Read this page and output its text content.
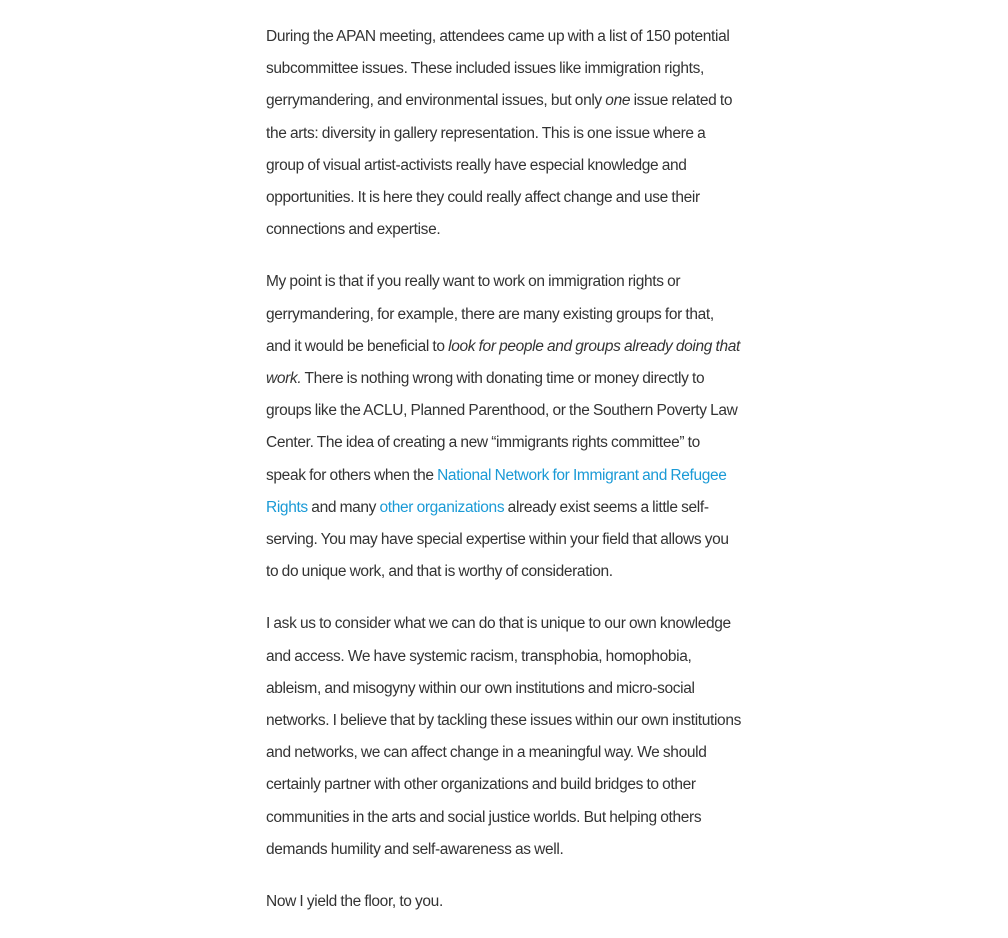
During the APAN meeting, attendees came up with a list of 150 potential subcommittee issues. These included issues like immigration rights, gerrymandering, and environmental issues, but only one issue related to the arts: diversity in gallery representation. This is one issue where a group of visual artist-activists really have especial knowledge and opportunities. It is here they could really affect change and use their connections and expertise.

My point is that if you really want to work on immigration rights or gerrymandering, for example, there are many existing groups for that, and it would be beneficial to look for people and groups already doing that work. There is nothing wrong with donating time or money directly to groups like the ACLU, Planned Parenthood, or the Southern Poverty Law Center. The idea of creating a new “immigrants rights committee” to speak for others when the National Network for Immigrant and Refugee Rights and many other organizations already exist seems a little self-serving. You may have special expertise within your field that allows you to do unique work, and that is worthy of consideration.

I ask us to consider what we can do that is unique to our own knowledge and access. We have systemic racism, transphobia, homophobia, ableism, and misogyny within our own institutions and micro-social networks. I believe that by tackling these issues within our own institutions and networks, we can affect change in a meaningful way. We should certainly partner with other organizations and build bridges to other communities in the arts and social justice worlds. But helping others demands humility and self-awareness as well.

Now I yield the floor, to you.
